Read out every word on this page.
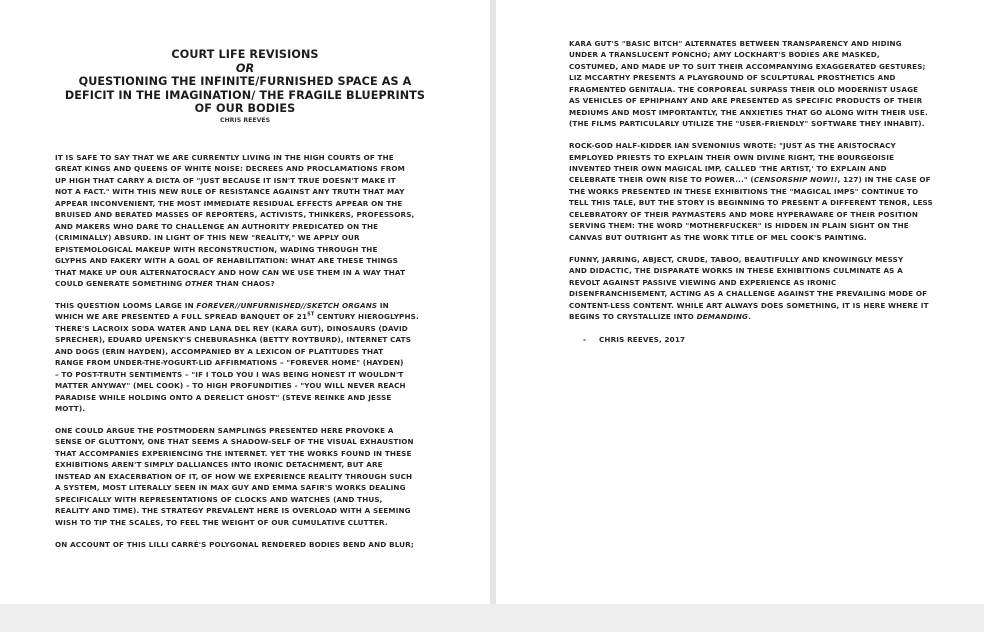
COURT LIFE REVISIONS
OR
QUESTIONING THE INFINITE/FURNISHED SPACE AS A
DEFICIT IN THE IMAGINATION/ THE FRAGILE BLUEPRINTS
OF OUR BODIES
CHRIS REEVES

IT IS SAFE TO SAY THAT WE ARE CURRENTLY LIVING IN THE HIGH COURTS OF THE
GREAT KINGS AND QUEENS OF WHITE NOISE: DECREES AND PROCLAMATIONS FROM
UP HIGH THAT CARRY A DICTA OF "JUST BECAUSE IT ISN'T TRUE DOESN'T MAKE IT
NOT A FACT." WITH THIS NEW RULE OF RESISTANCE AGAINST ANY TRUTH THAT MAY
APPEAR INCONVENIENT, THE MOST IMMEDIATE RESIDUAL EFFECTS APPEAR ON THE
BRUISED AND BERATED MASSES OF REPORTERS, ACTIVISTS, THINKERS, PROFESSORS,
AND MAKERS WHO DARE TO CHALLENGE AN AUTHORITY PREDICATED ON THE
(CRIMINALLY) ABSURD. IN LIGHT OF THIS NEW "REALITY," WE APPLY OUR
EPISTEMOLOGICAL MAKEUP WITH RECONSTRUCTION, WADING THROUGH THE
GLYPHS AND FAKERY WITH A GOAL OF REHABILITATION: WHAT ARE THESE THINGS
THAT MAKE UP OUR ALTERNATOCRACY AND HOW CAN WE USE THEM IN A WAY THAT
COULD GENERATE SOMETHING OTHER THAN CHAOS?

THIS QUESTION LOOMS LARGE IN FOREVER//UNFURNISHED//SKETCH ORGANS IN
WHICH WE ARE PRESENTED A FULL SPREAD BANQUET OF 21ST CENTURY HIEROGLYPHS.
THERE'S LACROIX SODA WATER AND LANA DEL REY (KARA GUT), DINOSAURS (DAVID
SPRECHER), EDUARD UPENSKY'S CHEBURASHKA (BETTY ROYTBURD), INTERNET CATS
AND DOGS (ERIN HAYDEN), ACCOMPANIED BY A LEXICON OF PLATITUDES THAT
RANGE FROM UNDER-THE-YOGURT-LID AFFIRMATIONS – "FOREVER HOME" (HAYDEN)
– TO POST-TRUTH SENTIMENTS – "IF I TOLD YOU I WAS BEING HONEST IT WOULDN'T
MATTER ANYWAY" (MEL COOK) – TO HIGH PROFUNDITIES - "YOU WILL NEVER REACH
PARADISE WHILE HOLDING ONTO A DERELICT GHOST" (STEVE REINKE AND JESSE
MOTT).

ONE COULD ARGUE THE POSTMODERN SAMPLINGS PRESENTED HERE PROVOKE A
SENSE OF GLUTTONY, ONE THAT SEEMS A SHADOW-SELF OF THE VISUAL EXHAUSTION
THAT ACCOMPANIES EXPERIENCING THE INTERNET. YET THE WORKS FOUND IN THESE
EXHIBITIONS AREN'T SIMPLY DALLIANCES INTO IRONIC DETACHMENT, BUT ARE
INSTEAD AN EXACERBATION OF IT, OF HOW WE EXPERIENCE REALITY THROUGH SUCH
A SYSTEM, MOST LITERALLY SEEN IN MAX GUY AND EMMA SAFIR'S WORKS DEALING
SPECIFICALLY WITH REPRESENTATIONS OF CLOCKS AND WATCHES (AND THUS,
REALITY AND TIME). THE STRATEGY PREVALENT HERE IS OVERLOAD WITH A SEEMING
WISH TO TIP THE SCALES, TO FEEL THE WEIGHT OF OUR CUMULATIVE CLUTTER.

ON ACCOUNT OF THIS LILLI CARRÉ'S POLYGONAL RENDERED BODIES BEND AND BLUR;

KARA GUT'S "BASIC BITCH" ALTERNATES BETWEEN TRANSPARENCY AND HIDING
UNDER A TRANSLUCENT PONCHO; AMY LOCKHART'S BODIES ARE MASKED,
COSTUMED, AND MADE UP TO SUIT THEIR ACCOMPANYING EXAGGERATED GESTURES;
LIZ MCCARTHY PRESENTS A PLAYGROUND OF SCULPTURAL PROSTHETICS AND
FRAGMENTED GENITALIA. THE CORPOREAL SURPASS THEIR OLD MODERNIST USAGE
AS VEHICLES OF EPHIPHANY AND ARE PRESENTED AS SPECIFIC PRODUCTS OF THEIR
MEDIUMS AND MOST IMPORTANTLY, THE ANXIETIES THAT GO ALONG WITH THEIR USE.
(THE FILMS PARTICULARLY UTILIZE THE "USER-FRIENDLY" SOFTWARE THEY INHABIT).

ROCK-GOD HALF-KIDDER IAN SVENONIUS WROTE: "JUST AS THE ARISTOCRACY
EMPLOYED PRIESTS TO EXPLAIN THEIR OWN DIVINE RIGHT, THE BOURGEOISIE
INVENTED THEIR OWN MAGICAL IMP, CALLED 'THE ARTIST,' TO EXPLAIN AND
CELEBRATE THEIR OWN RISE TO POWER..." (CENSORSHIP NOW!!, 127) IN THE CASE OF
THE WORKS PRESENTED IN THESE EXHIBITIONS THE "MAGICAL IMPS" CONTINUE TO
TELL THIS TALE, BUT THE STORY IS BEGINNING TO PRESENT A DIFFERENT TENOR, LESS
CELEBRATORY OF THEIR PAYMASTERS AND MORE HYPERAWARE OF THEIR POSITION
SERVING THEM: THE WORD "MOTHERFUCKER" IS HIDDEN IN PLAIN SIGHT ON THE
CANVAS BUT OUTRIGHT AS THE WORK TITLE OF MEL COOK'S PAINTING.

FUNNY, JARRING, ABJECT, CRUDE, TABOO, BEAUTIFULLY AND KNOWINGLY MESSY
AND DIDACTIC, THE DISPARATE WORKS IN THESE EXHIBITIONS CULMINATE AS A
REVOLT AGAINST PASSIVE VIEWING AND EXPERIENCE AS IRONIC
DISENFRANCHISEMENT, ACTING AS A CHALLENGE AGAINST THE PREVAILING MODE OF
CONTENT-LESS CONTENT. WHILE ART ALWAYS DOES SOMETHING, IT IS HERE WHERE IT
BEGINS TO CRYSTALLIZE INTO DEMANDING.

- CHRIS REEVES, 2017
